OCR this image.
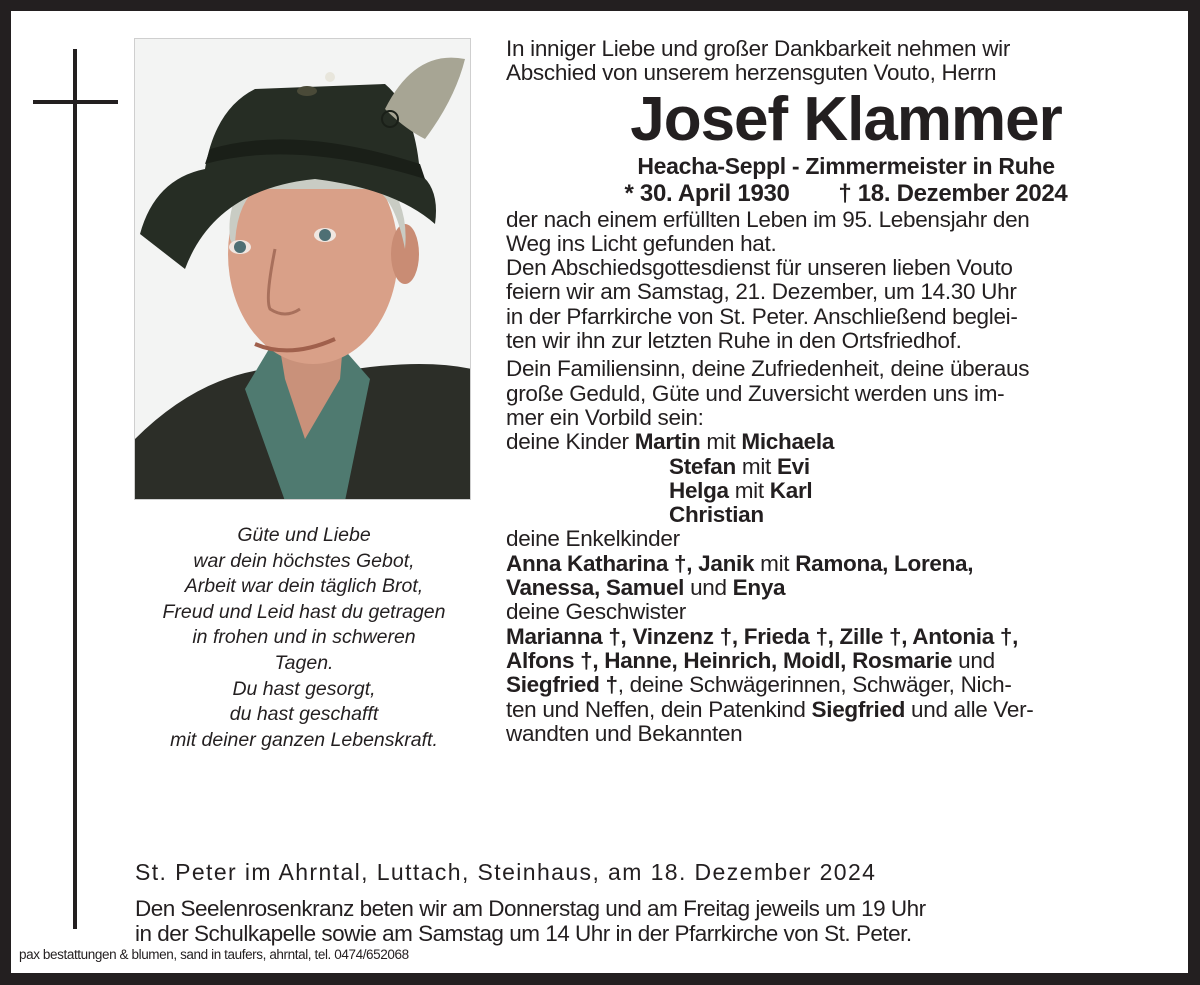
Güte und Liebe
war dein höchstes Gebot,
Arbeit war dein täglich Brot,
Freud und Leid hast du getragen
in frohen und in schweren
Tagen.
Du hast gesorgt,
du hast geschafft
mit deiner ganzen Lebenskraft.
In inniger Liebe und großer Dankbarkeit nehmen wir
Abschied von unserem herzensguten Vouto, Herrn
Josef Klammer
Heacha-Seppl - Zimmermeister in Ruhe
* 30. April 1930 † 18. Dezember 2024
der nach einem erfüllten Leben im 95. Lebensjahr den
Weg ins Licht gefunden hat.
Den Abschiedsgottesdienst für unseren lieben Vouto
feiern wir am Samstag, 21. Dezember, um 14.30 Uhr
in der Pfarrkirche von St. Peter. Anschließend beglei-
ten wir ihn zur letzten Ruhe in den Ortsfriedhof.
Dein Familiensinn, deine Zufriedenheit, deine überaus
große Geduld, Güte und Zuversicht werden uns im-
mer ein Vorbild sein:
deine Kinder Martin mit Michaela
Stefan mit Evi
Helga mit Karl
Christian
deine Enkelkinder
Anna Katharina †, Janik mit Ramona, Lorena,
Vanessa, Samuel und Enya
deine Geschwister
Marianna †, Vinzenz †, Frieda †, Zille †, Antonia †,
Alfons †, Hanne, Heinrich, Moidl, Rosmarie und
Siegfried †, deine Schwägerinnen, Schwäger, Nich-
ten und Neffen, dein Patenkind Siegfried und alle Ver-
wandten und Bekannten
St. Peter im Ahrntal, Luttach, Steinhaus, am 18. Dezember 2024
Den Seelenrosenkranz beten wir am Donnerstag und am Freitag jeweils um 19 Uhr
in der Schulkapelle sowie am Samstag um 14 Uhr in der Pfarrkirche von St. Peter.
pax bestattungen & blumen, sand in taufers, ahrntal, tel. 0474/652068
